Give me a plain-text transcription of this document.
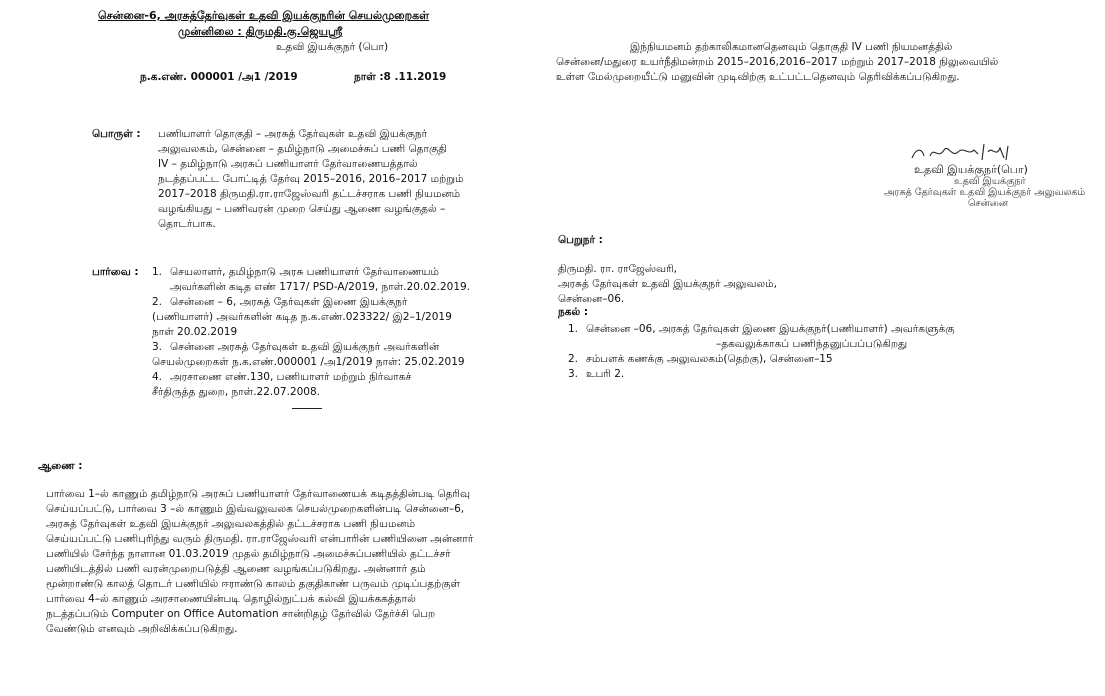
சென்னை-6, அரசுத்தேர்வுகள் உதவி இயக்குநரின் செயல்முறைகள்
முன்னிலை : திருமதி.கு.ஜெயஸ்ரீ
உதவி இயக்குநர் (பொ)
ந.க.எண். 000001 /அ1 /2019	நாள் :8 .11.2019
பொருள் : பணியாளர் தொகுதி – அரசுத் தேர்வுகள் உதவி இயக்குநர்
அலுவலகம், சென்னை – தமிழ்நாடு அமைச்சுப் பணி தொகுதி
IV – தமிழ்நாடு அரசுப் பணியாளர் தேர்வாணையத்தால்
நடத்தப்பட்ட போட்டித் தேர்வு 2015–2016, 2016–2017 மற்றும்
2017–2018 திருமதி.ரா.ராஜேஸ்வரி தட்டச்சராக பணி நியமனம்
வழங்கியது – பணிவரன் முறை செய்து ஆணை வழங்குதல் –
தொடர்பாக.
பார்வை : 1. செயலாளர், தமிழ்நாடு அரசு பணியாளர் தேர்வாணையம்
அவர்களின் கடித எண் 1717/ PSD-A/2019, நாள்.20.02.2019.
2. சென்னை – 6, அரசுத் தேர்வுகள் இணை இயக்குநர்
(பணியாளர்) அவர்களின் கடித ந.க.எண்.023322/ இ2–1/2019
நாள் 20.02.2019
3. சென்னை அரசுத் தேர்வுகள் உதவி இயக்குநர் அவர்களின்
செயல்முறைகள் ந.க.எண்.000001 /அ1/2019 நாள்: 25.02.2019
4. அரசாணை எண்.130, பணியாளர் மற்றும் நிர்வாகச்
சீர்திருத்த துறை, நாள்.22.07.2008.
ஆணை :
பார்வை 1–ல் காணும் தமிழ்நாடு அரசுப் பணியாளர் தேர்வாணையக் கடிதத்தின்படி தெரிவு
செய்யப்பட்டு, பார்வை 3 –ல் காணும் இவ்வலுவலக செயல்முறைகளின்படி சென்னை–6,
அரசுத் தேர்வுகள் உதவி இயக்குநர் அலுவலகத்தில் தட்டச்சராக பணி நியமனம்
செய்யப்பட்டு பணிபுரிந்து வரும் திருமதி. ரா.ராஜேஸ்வரி என்பாரின் பணியினை அன்னார்
பணியில் சேர்ந்த நாளான 01.03.2019 முதல் தமிழ்நாடு அமைச்சுப்பணியில் தட்டச்சர்
பணியிடத்தில் பணி வரன்முறைபடுத்தி ஆணை வழங்கப்படுகிறது. அன்னார் தம்
மூன்றாண்டு காலத் தொடர் பணியில் ஈராண்டு காலம் தகுதிகாண் பருவம் முடிப்பதற்குள்
பார்வை 4–ல் காணும் அரசாணையின்படி தொழில்நுட்பக் கல்வி இயக்ககத்தால்
நடத்தப்படும் Computer on Office Automation சான்றிதழ் தேர்வில் தேர்ச்சி பெற
வேண்டும் எனவும் அறிவிக்கப்படுகிறது.
இந்நியமனம் தற்காலிகமானதெனவும் தொகுதி IV பணி நியமனத்தில்
சென்னை/மதுரை உயர்நீதிமன்றம் 2015–2016,2016–2017 மற்றும் 2017–2018 நிலுவையில்
உள்ள மேல்முறையீட்டு மனுவின் முடிவிற்கு உட்பட்டதெனவும் தெரிவிக்கப்படுகிறது.
உதவி இயக்குநர்(பொ)
உதவி இயக்குநர்
அரசுத் தேர்வுகள் உதவி இயக்குநர் அலுவலகம்
சென்னை
பெறுநர் :
திருமதி. ரா. ராஜேஸ்வரி,
அரசுத் தேர்வுகள் உதவி இயக்குநர் அலுவலம்,
சென்னை–06.
நகல் :
1. சென்னை –06, அரசுத் தேர்வுகள் இணை இயக்குநர்(பணியாளர்) அவர்களுக்கு
–தகவலுக்காகப் பணிந்தனுப்பப்படுகிறது
2. சம்பளக் கணக்கு அலுவலகம்(தெற்கு), சென்னை–15
3. உபரி 2.
